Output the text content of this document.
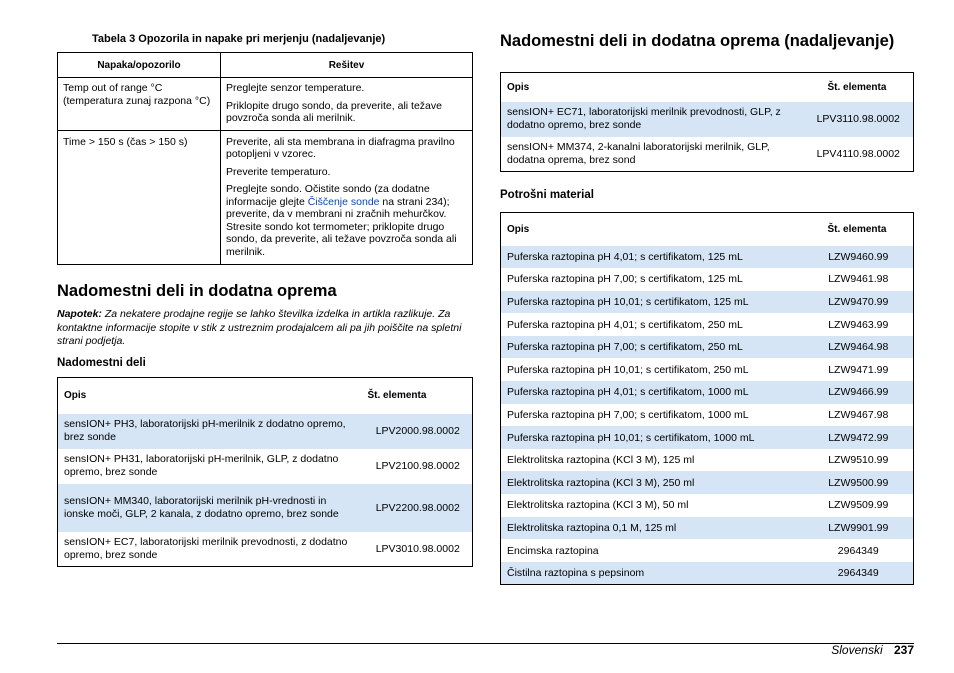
Tabela 3 Opozorila in napake pri merjenju (nadaljevanje)
Napaka/opozorilo	Rešitev
Temp out of range °C (temperatura zunaj razpona °C)	Preglejte senzor temperature.

Priklopite drugo sondo, da preverite, ali težave povzroča sonda ali merilnik.

Time > 150 s (čas > 150 s)	Preverite, ali sta membrana in diafragma pravilno potopljeni v vzorec.

Preverite temperaturo.

Preglejte sondo. Očistite sondo (za dodatne informacije glejte Čiščenje sonde na strani 234); preverite, da v membrani ni zračnih mehurčkov. Stresite sondo kot termometer; priklopite drugo sondo, da preverite, ali težave povzroča sonda ali merilnik.

Nadomestni deli in dodatna oprema
Napotek: Za nekatere prodajne regije se lahko številka izdelka in artikla razlikuje. Za kontaktne informacije stopite v stik z ustreznim prodajalcem ali pa jih poiščite na spletni strani podjetja.
Nadomestni deli
Opis	Št. elementa
sensION+ PH3, laboratorijski pH-merilnik z dodatno opremo, brez sonde	LPV2000.98.0002
sensION+ PH31, laboratorijski pH-merilnik, GLP, z dodatno opremo, brez sonde	LPV2100.98.0002
sensION+ MM340, laboratorijski merilnik pH-vrednosti in ionske moči, GLP, 2 kanala, z dodatno opremo, brez sonde	LPV2200.98.0002
sensION+ EC7, laboratorijski merilnik prevodnosti, z dodatno opremo, brez sonde	LPV3010.98.0002
Nadomestni deli in dodatna oprema (nadaljevanje)
Opis	Št. elementa
sensION+ EC71, laboratorijski merilnik prevodnosti, GLP, z dodatno opremo, brez sonde	LPV3110.98.0002
sensION+ MM374, 2-kanalni laboratorijski merilnik, GLP, dodatna oprema, brez sond	LPV4110.98.0002
Potrošni material
Opis	Št. elementa
Puferska raztopina pH 4,01; s certifikatom, 125 mL	LZW9460.99
Puferska raztopina pH 7,00; s certifikatom, 125 mL	LZW9461.98
Puferska raztopina pH 10,01; s certifikatom, 125 mL	LZW9470.99
Puferska raztopina pH 4,01; s certifikatom, 250 mL	LZW9463.99
Puferska raztopina pH 7,00; s certifikatom, 250 mL	LZW9464.98
Puferska raztopina pH 10,01; s certifikatom, 250 mL	LZW9471.99
Puferska raztopina pH 4,01; s certifikatom, 1000 mL	LZW9466.99
Puferska raztopina pH 7,00; s certifikatom, 1000 mL	LZW9467.98
Puferska raztopina pH 10,01; s certifikatom, 1000 mL	LZW9472.99
Elektrolitska raztopina (KCl 3 M), 125 ml	LZW9510.99
Elektrolitska raztopina (KCl 3 M), 250 ml	LZW9500.99
Elektrolitska raztopina (KCl 3 M), 50 ml	LZW9509.99
Elektrolitska raztopina 0,1 M, 125 ml	LZW9901.99
Encimska raztopina	2964349
Čistilna raztopina s pepsinom	2964349
Slovenski 237
